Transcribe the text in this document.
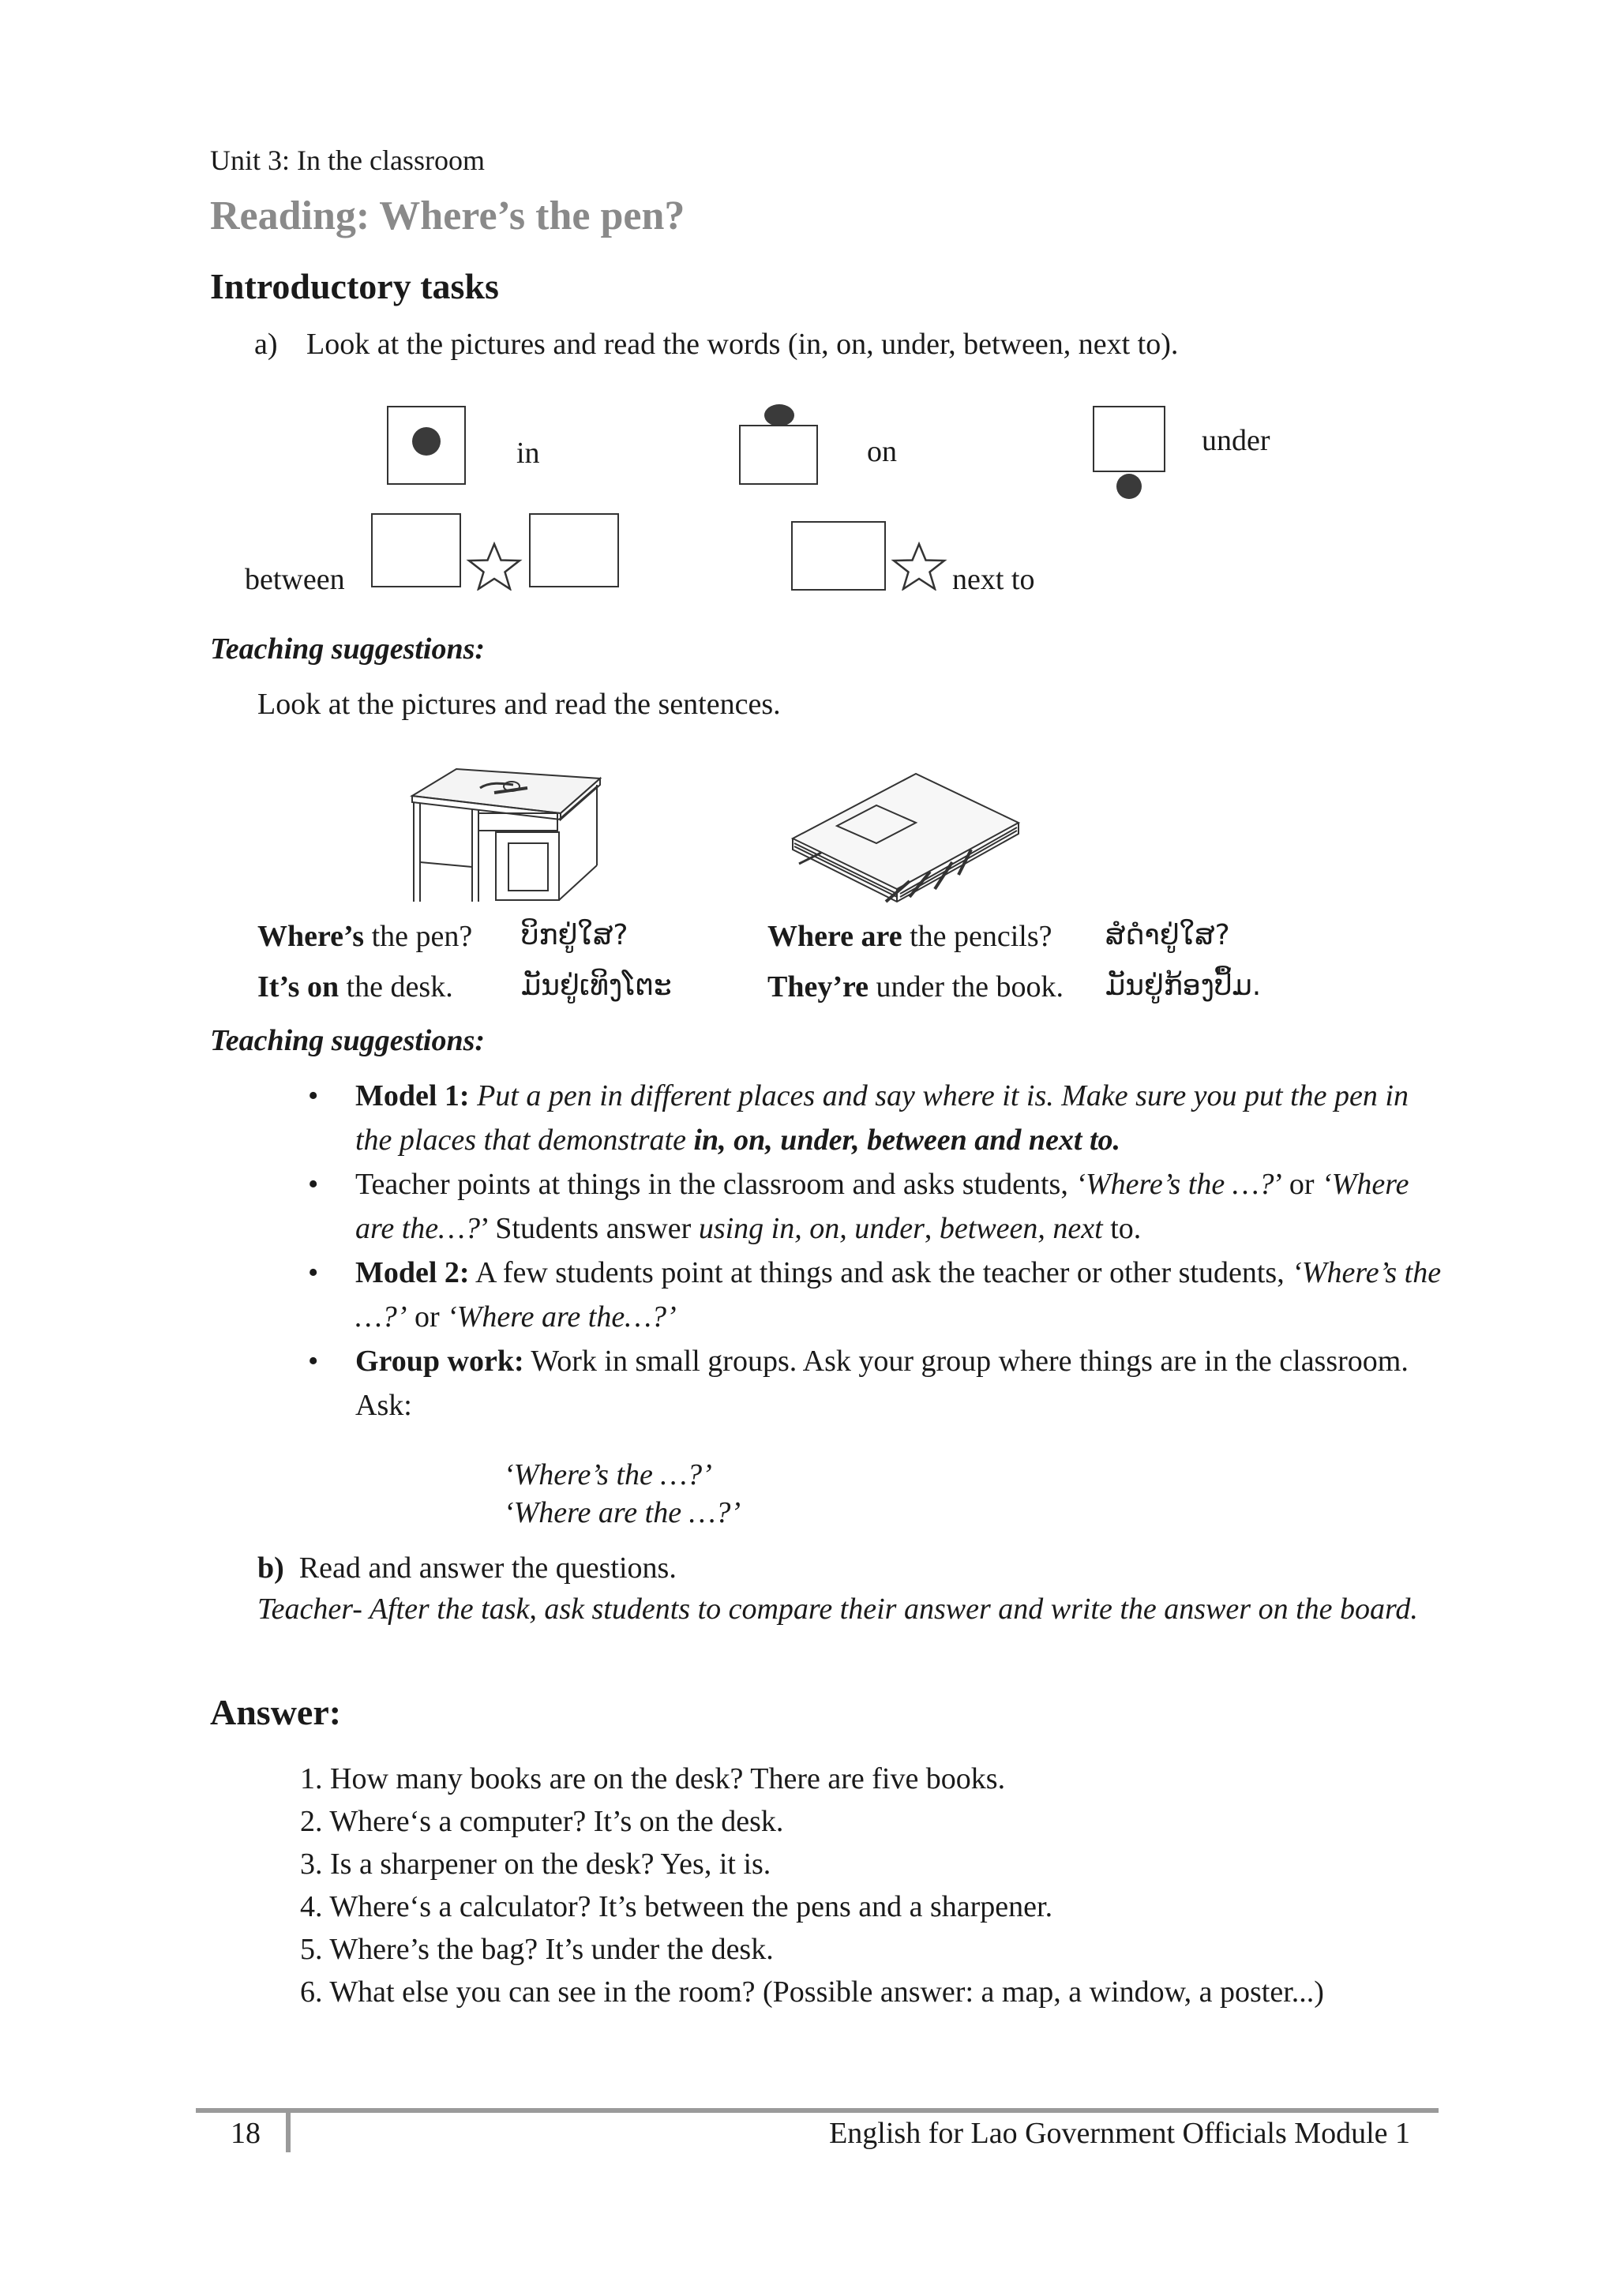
Unit 3: In the classroom
Reading: Where’s the pen?
Introductory tasks
a) Look at the pictures and read the words (in, on, under, between, next to).
in	on	under
between	next to
Teaching suggestions:
Look at the pictures and read the sentences.
Where’s the pen? ບິກຢູ່ໃສ?
It’s on the desk. ມັນຢູ່ເທິງໂຕະ
Where are the pencils? ສໍດໍາຢູ່ໃສ?
They’re under the book. ມັນຢູ່ກ້ອງປຶ້ມ.
Teaching suggestions:
• Model 1: Put a pen in different places and say where it is. Make sure you put the pen in the places that demonstrate in, on, under, between and next to.
• Teacher points at things in the classroom and asks students, ‘Where’s the …?’ or ‘Where are the…?’ Students answer using in, on, under, between, next to.
• Model 2: A few students point at things and ask the teacher or other students, ‘Where’s the …?’ or ‘Where are the…?’
• Group work: Work in small groups. Ask your group where things are in the classroom. Ask:
‘Where’s the …?’
‘Where are the …?’
b) Read and answer the questions.
Teacher- After the task, ask students to compare their answer and write the answer on the board.
Answer:
1. How many books are on the desk? There are five books.
2. Where‘s a computer? It’s on the desk.
3. Is a sharpener on the desk? Yes, it is.
4. Where‘s a calculator? It’s between the pens and a sharpener.
5. Where’s the bag? It’s under the desk.
6. What else you can see in the room? (Possible answer: a map, a window, a poster...)
18	English for Lao Government Officials Module 1
